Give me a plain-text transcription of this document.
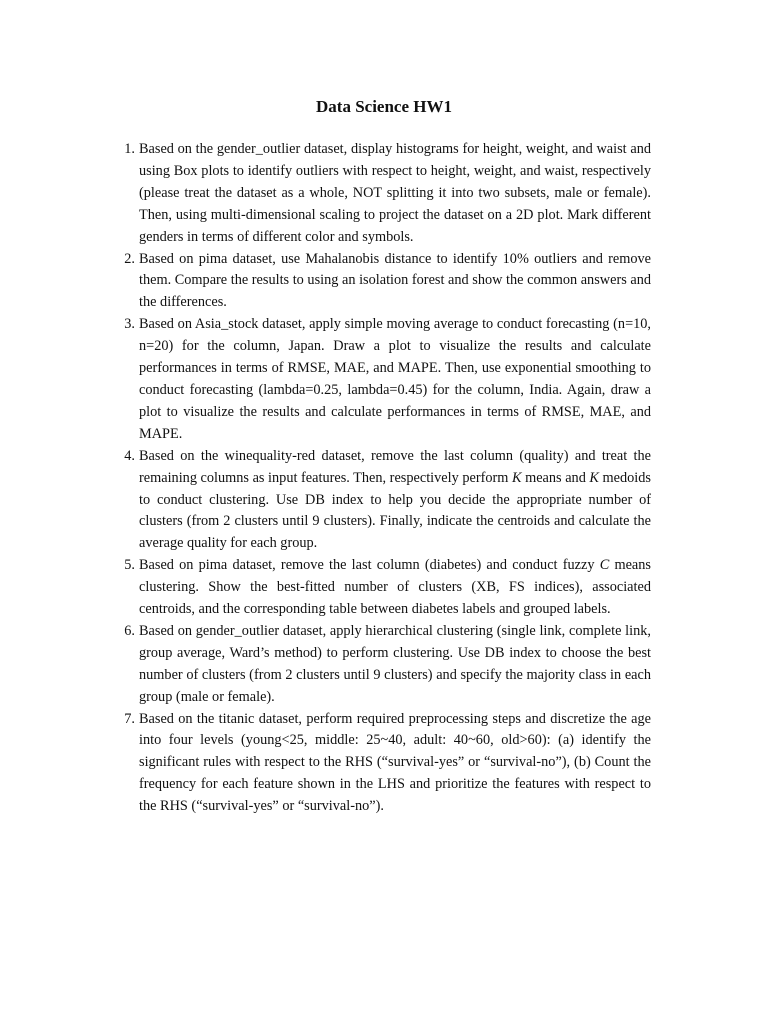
Data Science HW1
1. Based on the gender_outlier dataset, display histograms for height, weight, and waist and using Box plots to identify outliers with respect to height, weight, and waist, respectively (please treat the dataset as a whole, NOT splitting it into two subsets, male or female). Then, using multi-dimensional scaling to project the dataset on a 2D plot. Mark different genders in terms of different color and symbols.
2. Based on pima dataset, use Mahalanobis distance to identify 10% outliers and remove them. Compare the results to using an isolation forest and show the common answers and the differences.
3. Based on Asia_stock dataset, apply simple moving average to conduct forecasting (n=10, n=20) for the column, Japan. Draw a plot to visualize the results and calculate performances in terms of RMSE, MAE, and MAPE. Then, use exponential smoothing to conduct forecasting (lambda=0.25, lambda=0.45) for the column, India. Again, draw a plot to visualize the results and calculate performances in terms of RMSE, MAE, and MAPE.
4. Based on the winequality-red dataset, remove the last column (quality) and treat the remaining columns as input features. Then, respectively perform K means and K medoids to conduct clustering. Use DB index to help you decide the appropriate number of clusters (from 2 clusters until 9 clusters). Finally, indicate the centroids and calculate the average quality for each group.
5. Based on pima dataset, remove the last column (diabetes) and conduct fuzzy C means clustering. Show the best-fitted number of clusters (XB, FS indices), associated centroids, and the corresponding table between diabetes labels and grouped labels.
6. Based on gender_outlier dataset, apply hierarchical clustering (single link, complete link, group average, Ward’s method) to perform clustering. Use DB index to choose the best number of clusters (from 2 clusters until 9 clusters) and specify the majority class in each group (male or female).
7. Based on the titanic dataset, perform required preprocessing steps and discretize the age into four levels (young<25, middle: 25~40, adult: 40~60, old>60): (a) identify the significant rules with respect to the RHS (“survival-yes” or “survival-no”), (b) Count the frequency for each feature shown in the LHS and prioritize the features with respect to the RHS (“survival-yes” or “survival-no”).
